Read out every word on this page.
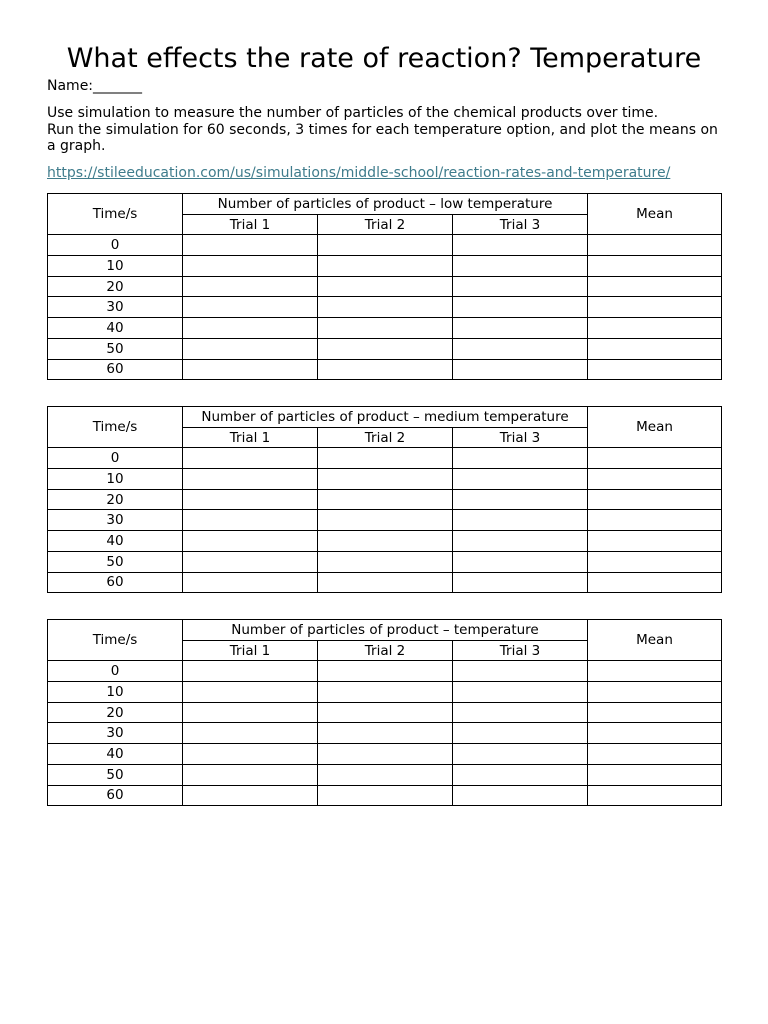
What effects the rate of reaction? Temperature
Name:_______

Use simulation to measure the number of particles of the chemical products over time.

Run the simulation for 60 seconds, 3 times for each temperature option, and plot the means on a graph.

https://stileeducation.com/us/simulations/middle-school/reaction-rates-and-temperature/
Time/s	Number of particles of product – low temperature			Mean
	Trial 1	Trial 2	Trial 3	
0				
10				
20				
30				
40				
50				
60				
Time/s	Number of particles of product – medium temperature			Mean
	Trial 1	Trial 2	Trial 3	
0				
10				
20				
30				
40				
50				
60				
Time/s	Number of particles of product – temperature			Mean
	Trial 1	Trial 2	Trial 3	
0				
10				
20				
30				
40				
50				
60				
